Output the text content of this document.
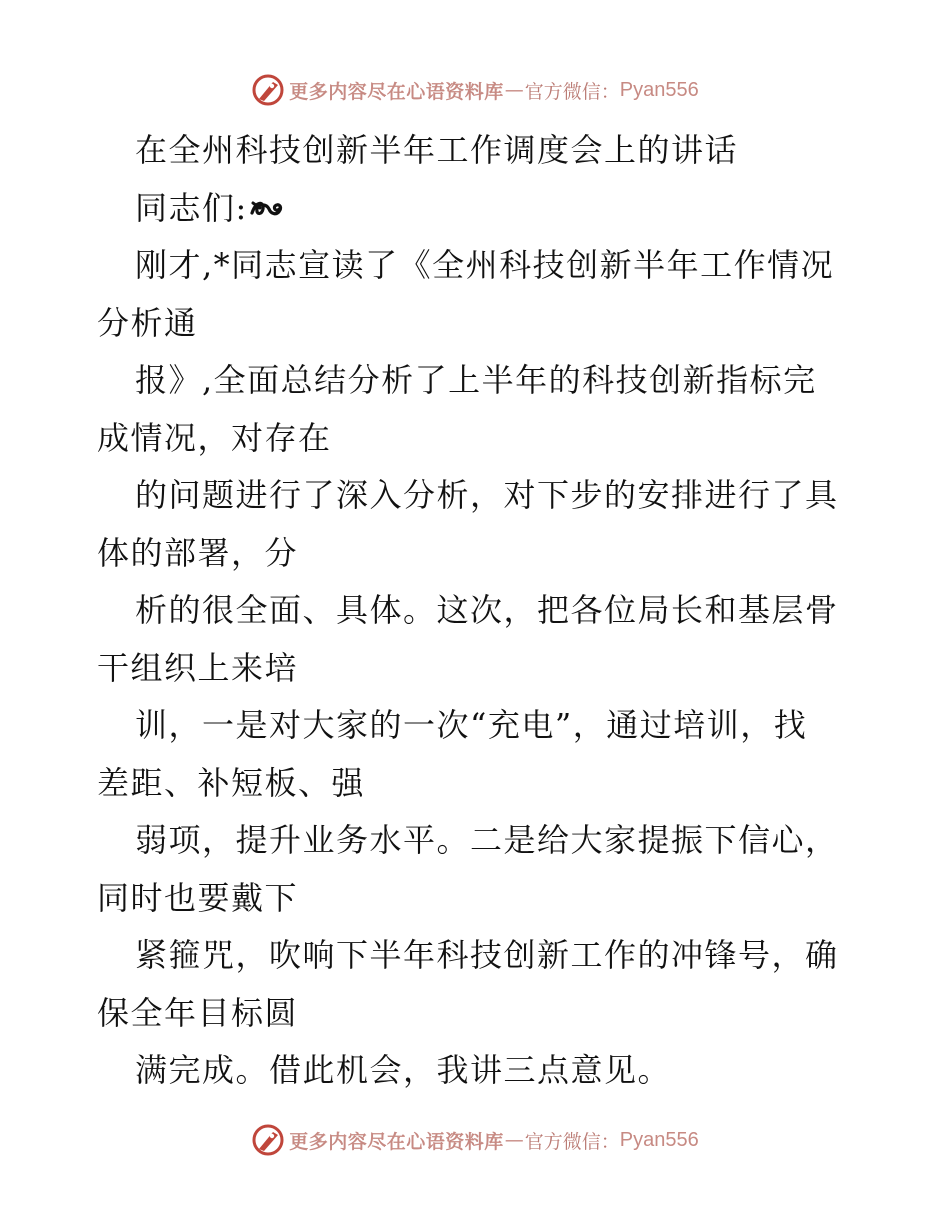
更多内容尽在心语资料库 — 官方微信： Pyan556
在全州科技创新半年工作调度会上的讲话
同志们:
刚才,*同志宣读了《全州科技创新半年工作情况
分析通
报》,全面总结分析了上半年的科技创新指标完
成情况，对存在
的问题进行了深入分析，对下步的安排进行了具
体的部署，分
析的很全面、具体。这次，把各位局长和基层骨
干组织上来培
训，一是对大家的一次“充电”，通过培训，找
差距、补短板、强
弱项，提升业务水平。二是给大家提振下信心，
同时也要戴下
紧箍咒，吹响下半年科技创新工作的冲锋号，确
保全年目标圆
满完成。借此机会，我讲三点意见。
更多内容尽在心语资料库 — 官方微信： Pyan556
